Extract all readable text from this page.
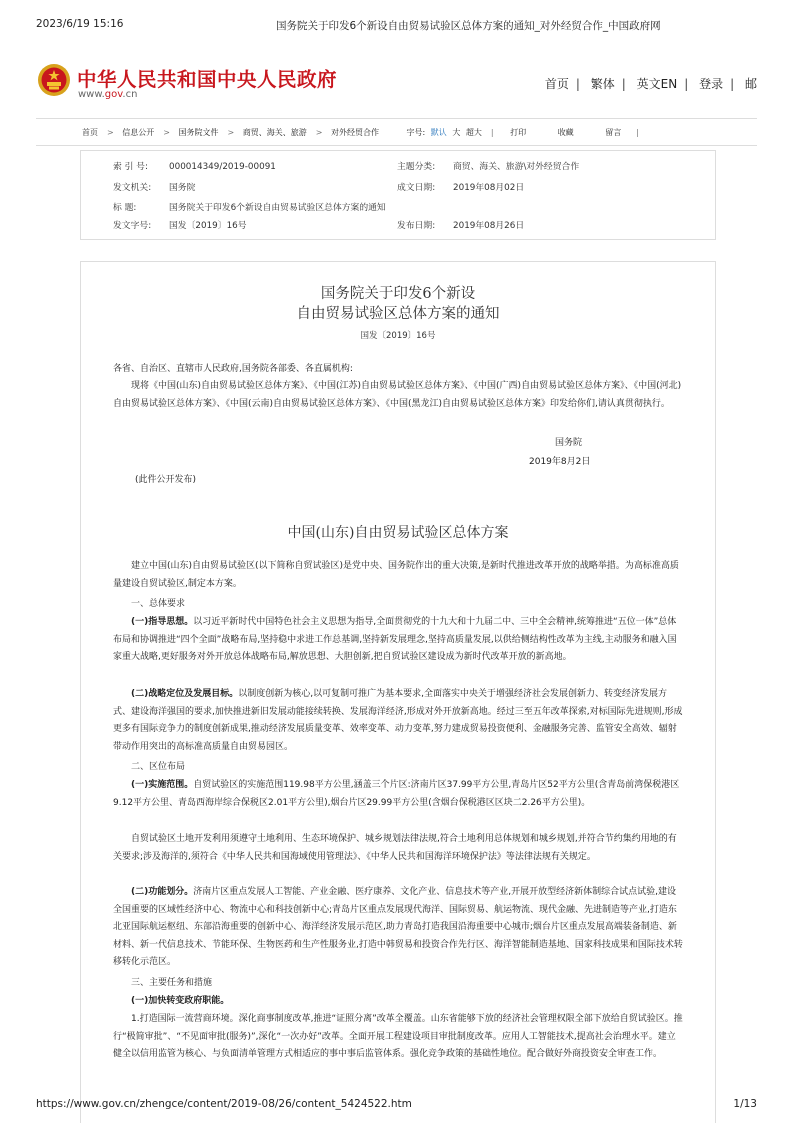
2023/6/19 15:16	国务院关于印发6个新设自由贸易试验区总体方案的通知_对外经贸合作_中国政府网
中华人民共和国中央人民政府
www.gov.cn
首页 | 繁体 | 英文EN | 登录 | 邮
首页 > 信息公开 > 国务院文件 > 商贸、海关、旅游 > 对外经贸合作	字号: 默认 大 超大 | 打印	收藏	留言 |
索 引 号: 000014349/2019-00091	主题分类: 商贸、海关、旅游\对外经贸合作
发文机关: 国务院	成文日期: 2019年08月02日
标 题:	国务院关于印发6个新设自由贸易试验区总体方案的通知
发文字号: 国发〔2019〕16号	发布日期: 2019年08月26日
国务院关于印发6个新设
自由贸易试验区总体方案的通知
国发〔2019〕16号
各省、自治区、直辖市人民政府,国务院各部委、各直属机构:
现将《中国(山东)自由贸易试验区总体方案》、《中国(江苏)自由贸易试验区总体方案》、《中国(广西)自由贸易试验区总体方案》、《中国(河北)自由贸易试验区总体方案》、《中国(云南)自由贸易试验区总体方案》、《中国(黑龙江)自由贸易试验区总体方案》印发给你们,请认真贯彻执行。
国务院
2019年8月2日
(此件公开发布)
中国(山东)自由贸易试验区总体方案
建立中国(山东)自由贸易试验区(以下简称自贸试验区)是党中央、国务院作出的重大决策,是新时代推进改革开放的战略举措。为高标准高质量建设自贸试验区,制定本方案。
一、总体要求
(一)指导思想。以习近平新时代中国特色社会主义思想为指导,全面贯彻党的十九大和十九届二中、三中全会精神,统筹推进“五位一体”总体布局和协调推进“四个全面”战略布局,坚持稳中求进工作总基调,坚持新发展理念,坚持高质量发展,以供给侧结构性改革为主线,主动服务和融入国家重大战略,更好服务对外开放总体战略布局,解放思想、大胆创新,把自贸试验区建设成为新时代改革开放的新高地。
(二)战略定位及发展目标。以制度创新为核心,以可复制可推广为基本要求,全面落实中央关于增强经济社会发展创新力、转变经济发展方式、建设海洋强国的要求,加快推进新旧发展动能接续转换、发展海洋经济,形成对外开放新高地。经过三至五年改革探索,对标国际先进规则,形成更多有国际竞争力的制度创新成果,推动经济发展质量变革、效率变革、动力变革,努力建成贸易投资便利、金融服务完善、监管安全高效、辐射带动作用突出的高标准高质量自由贸易园区。
二、区位布局
(一)实施范围。自贸试验区的实施范围119.98平方公里,涵盖三个片区:济南片区37.99平方公里,青岛片区52平方公里(含青岛前湾保税港区9.12平方公里、青岛西海岸综合保税区2.01平方公里),烟台片区29.99平方公里(含烟台保税港区区块二2.26平方公里)。
自贸试验区土地开发利用须遵守土地利用、生态环境保护、城乡规划法律法规,符合土地利用总体规划和城乡规划,并符合节约集约用地的有关要求;涉及海洋的,须符合《中华人民共和国海域使用管理法》、《中华人民共和国海洋环境保护法》等法律法规有关规定。
(二)功能划分。济南片区重点发展人工智能、产业金融、医疗康养、文化产业、信息技术等产业,开展开放型经济新体制综合试点试验,建设全国重要的区域性经济中心、物流中心和科技创新中心;青岛片区重点发展现代海洋、国际贸易、航运物流、现代金融、先进制造等产业,打造东北亚国际航运枢纽、东部沿海重要的创新中心、海洋经济发展示范区,助力青岛打造我国沿海重要中心城市;烟台片区重点发展高端装备制造、新材料、新一代信息技术、节能环保、生物医药和生产性服务业,打造中韩贸易和投资合作先行区、海洋智能制造基地、国家科技成果和国际技术转移转化示范区。
三、主要任务和措施
(一)加快转变政府职能。
1.打造国际一流营商环境。深化商事制度改革,推进“证照分离”改革全覆盖。山东省能够下放的经济社会管理权限全部下放给自贸试验区。推行“极简审批”、“不见面审批(服务)”,深化“一次办好”改革。全面开展工程建设项目审批制度改革。应用人工智能技术,提高社会治理水平。建立健全以信用监管为核心、与负面清单管理方式相适应的事中事后监管体系。强化竞争政策的基础性地位。配合做好外商投资安全审查工作。
https://www.gov.cn/zhengce/content/2019-08/26/content_5424522.htm	1/13
